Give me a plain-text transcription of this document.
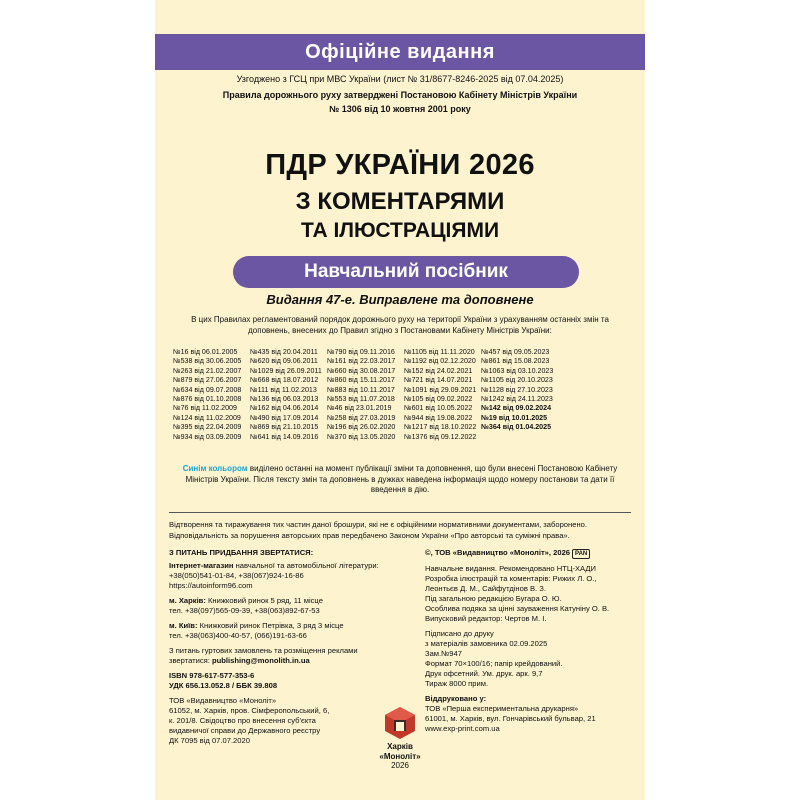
Офіційне видання
Узгоджено з ГСЦ при МВС України (лист № 31/8677-8246-2025 від 07.04.2025)
Правила дорожнього руху затверджені Постановою Кабінету Міністрів України
№ 1306 від 10 жовтня 2001 року
ПДР УКРАЇНИ 2026
З КОМЕНТАРЯМИ
ТА ІЛЮСТРАЦІЯМИ
Навчальний посібник
Видання 47-е. Виправлене та доповнене
В цих Правилах регламентований порядок дорожнього руху на території України з урахуванням останніх змін та доповнень, внесених до Правил згідно з Постановами Кабінету Міністрів України:
№16 від 06.01.2005
№538 від 30.06.2005
№263 від 21.02.2007
№879 від 27.06.2007
№634 від 09.07.2008
№876 від 01.10.2008
№76 від 11.02.2009
№124 від 11.02.2009
№395 від 22.04.2009
№934 від 03.09.2009
№435 від 20.04.2011
№620 від 09.06.2011
№1029 від 26.09.2011
№668 від 18.07.2012
№111 від 11.02.2013
№136 від 06.03.2013
№162 від 04.06.2014
№490 від 17.09.2014
№869 від 21.10.2015
№641 від 14.09.2016
№790 від 09.11.2016
№161 від 22.03.2017
№660 від 30.08.2017
№860 від 15.11.2017
№883 від 10.11.2017
№553 від 11.07.2018
№46 від 23.01.2019
№258 від 27.03.2019
№196 від 26.02.2020
№370 від 13.05.2020
№1105 від 11.11.2020
№1192 від 02.12.2020
№152 від 24.02.2021
№721 від 14.07.2021
№1091 від 29.09.2021
№105 від 09.02.2022
№601 від 10.05.2022
№944 від 19.08.2022
№1217 від 18.10.2022
№1376 від 09.12.2022
№457 від 09.05.2023
№861 від 15.08.2023
№1063 від 03.10.2023
№1105 від 20.10.2023
№1128 від 27.10.2023
№1242 від 24.11.2023
№142 від 09.02.2024
№19 від 10.01.2025
№364 від 01.04.2025
Синім кольором виділено останні на момент публікації зміни та доповнення, що були внесені Постановою Кабінету Міністрів України. Після тексту змін та доповнень в дужках наведена інформація щодо номеру постанови та дати її введення в дію.
Відтворення та тиражування тих частин даної брошури, які не є офіційними нормативними документами, заборонено. Відповідальність за порушення авторських прав передбачено Законом України «Про авторські та суміжні права».

З ПИТАНЬ ПРИДБАННЯ ЗВЕРТАТИСЯ:

Інтернет-магазин навчальної та автомобільної літератури:

+38(050)541-01-84, +38(067)924-16-86

https://autoinform96.com

м. Харків: Книжковий ринок 5 ряд, 11 місце

тел. +38(097)565-09-39, +38(063)892-67-53

м. Київ: Книжковий ринок Петрівка, 3 ряд 3 місце

тел. +38(063)400-40-57, (066)191-63-66

З питань гуртових замовлень та розміщення реклами

звертатися: publishing@monolith.in.ua

ISBN 978-617-577-353-6

УДК 656.13.052.8 / ББК 39.808

ТОВ «Видавництво «Моноліт»

61052, м. Харків, пров. Сімферопольський, 6,

к. 201/8. Свідоцтво про внесення суб'єкта

видавничої справи до Державного реєстру

ДК 7095 від 07.07.2020

©, ТОВ «Видавництво «Моноліт», 2026 PAN

Навчальне видання. Рекомендовано НТЦ-ХАДИ

Розробка ілюстрацій та коментарів: Рижих Л. О.,

Леонтьєв Д. М., Сайфутдінов В. З.

Під загальною редакцією Бугара О. Ю.

Особлива подяка за цінні зауваження Катуніну О. В.

Випусковий редактор: Чертов М. І.

Підписано до друку

з матеріалів замовника 02.09.2025

Зам.№947

Формат 70×100/16; папір крейдований.

Друк офсетний. Ум. друк. арк. 9,7

Тираж 8000 прим.

Віддруковано у:

ТОВ «Перша експериментальна друкарня»

61001, м. Харків, вул. Гончарівський бульвар, 21

www.exp-print.com.ua

Харків
«Моноліт»
2026
